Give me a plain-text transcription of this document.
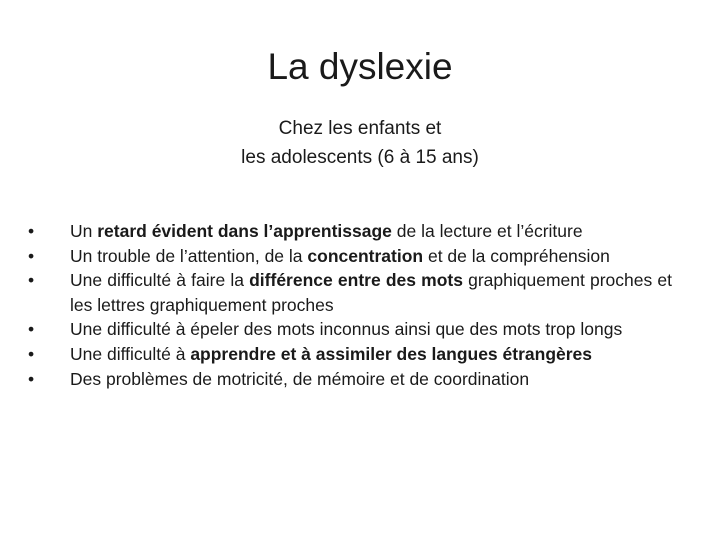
La dyslexie
Chez les enfants et
les adolescents (6 à 15 ans)
•	Un retard évident dans l’apprentissage de la lecture et l’écriture
•	Un trouble de l’attention, de la concentration et de la compréhension
•	Une difficulté à faire la différence entre des mots graphiquement proches et les lettres graphiquement proches
•	Une difficulté à épeler des mots inconnus ainsi que des mots trop longs
•	Une difficulté à apprendre et à assimiler des langues étrangères
•	Des problèmes de motricité, de mémoire et de coordination
